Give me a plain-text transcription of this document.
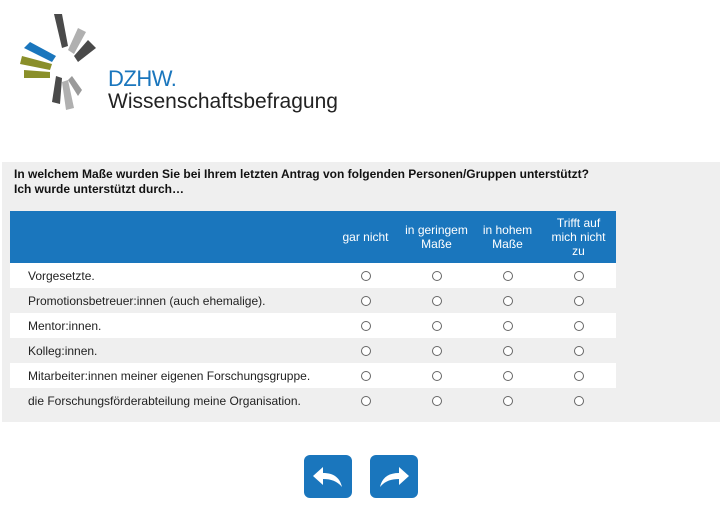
DZHW.
Wissenschaftsbefragung
In welchem Maße wurden Sie bei Ihrem letzten Antrag von folgenden Personen/Gruppen unterstützt?
Ich wurde unterstützt durch…
gar nicht	in geringem Maße
in hohem Maße
Trifft auf mich nicht zu
Vorgesetzte.
Promotionsbetreuer:innen (auch ehemalige).
Mentor:innen.
Kolleg:innen.
Mitarbeiter:innen meiner eigenen Forschungsgruppe.
die Forschungsförderabteilung meine Organisation.
